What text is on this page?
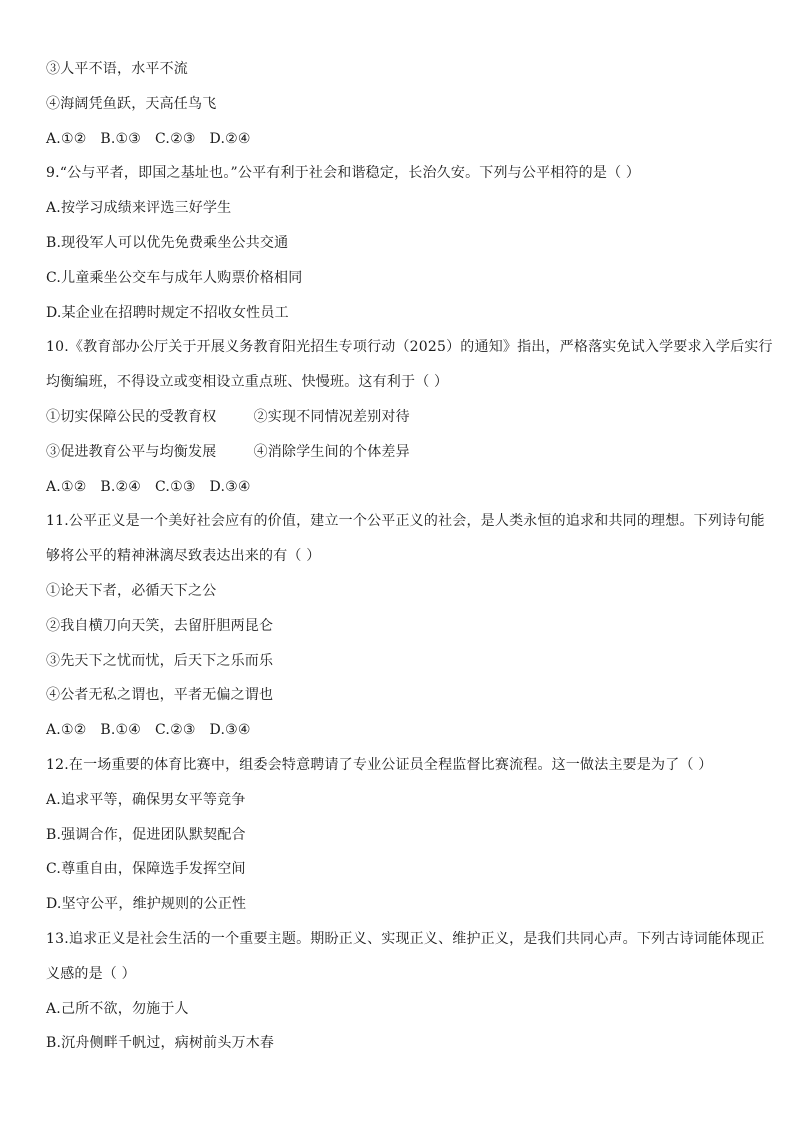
③人平不语，水平不流
④海阔凭鱼跃，天高任鸟飞
A.①②   B.①③   C.②③   D.②④
9.“公与平者，即国之基址也。”公平有利于社会和谐稳定，长治久安。下列与公平相符的是（ ）
A.按学习成绩来评选三好学生
B.现役军人可以优先免费乘坐公共交通
C.儿童乘坐公交车与成年人购票价格相同
D.某企业在招聘时规定不招收女性员工
10.《教育部办公厅关于开展义务教育阳光招生专项行动（2025）的通知》指出，严格落实免试入学要求入学后实行
均衡编班，不得设立或变相设立重点班、快慢班。这有利于（ ）
①切实保障公民的受教育权        ②实现不同情况差别对待
③促进教育公平与均衡发展        ④消除学生间的个体差异
A.①②   B.②④   C.①③   D.③④
11.公平正义是一个美好社会应有的价值，建立一个公平正义的社会，是人类永恒的追求和共同的理想。下列诗句能
够将公平的精神淋漓尽致表达出来的有（ ）
①论天下者，必循天下之公
②我自横刀向天笑，去留肝胆两昆仑
③先天下之忧而忧，后天下之乐而乐
④公者无私之谓也，平者无偏之谓也
A.①②   B.①④   C.②③   D.③④
12.在一场重要的体育比赛中，组委会特意聘请了专业公证员全程监督比赛流程。这一做法主要是为了（ ）
A.追求平等，确保男女平等竞争
B.强调合作，促进团队默契配合
C.尊重自由，保障选手发挥空间
D.坚守公平，维护规则的公正性
13.追求正义是社会生活的一个重要主题。期盼正义、实现正义、维护正义，是我们共同心声。下列古诗词能体现正
义感的是（ ）
A.己所不欲，勿施于人
B.沉舟侧畔千帆过，病树前头万木春
